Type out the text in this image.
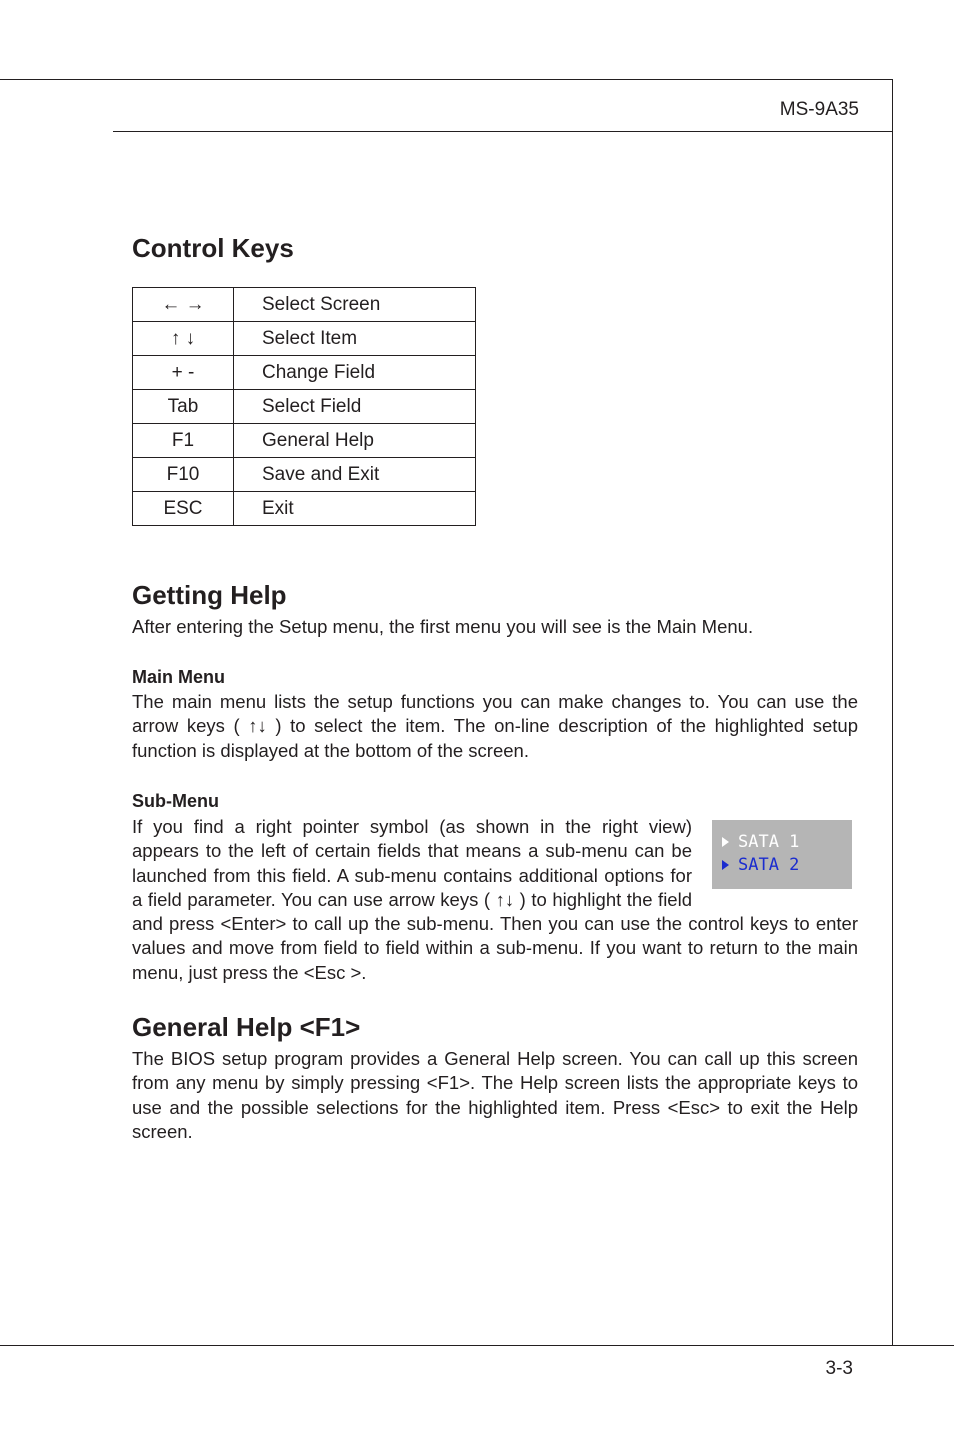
MS-9A35
Control Keys
← →	Select Screen
↑ ↓	Select Item
+ -	Change Field
Tab	Select Field
F1	General Help
F10	Save and Exit
ESC	Exit
Getting Help

After entering the Setup menu, the first menu you will see is the Main Menu.

Main Menu

The main menu lists the setup functions you can make changes to. You can use the arrow keys ( ↑↓ ) to select the item. The on-line description of the highlighted setup function is displayed at the bottom of the screen.

Sub-Menu
SATA 1
SATA 2

If you find a right pointer symbol (as shown in the right view) appears to the left of certain fields that means a sub-menu can be launched from this field. A sub-menu contains additional options for a field parameter. You can use arrow keys ( ↑↓ ) to highlight the field and press <Enter> to call up the sub-menu. Then you can use the control keys to enter values and move from field to field within a sub-menu. If you want to return to the main menu, just press the <Esc >.

General Help <F1>

The BIOS setup program provides a General Help screen. You can call up this screen from any menu by simply pressing <F1>. The Help screen lists the appropriate keys to use and the possible selections for the highlighted item. Press <Esc> to exit the Help screen.

3-3
